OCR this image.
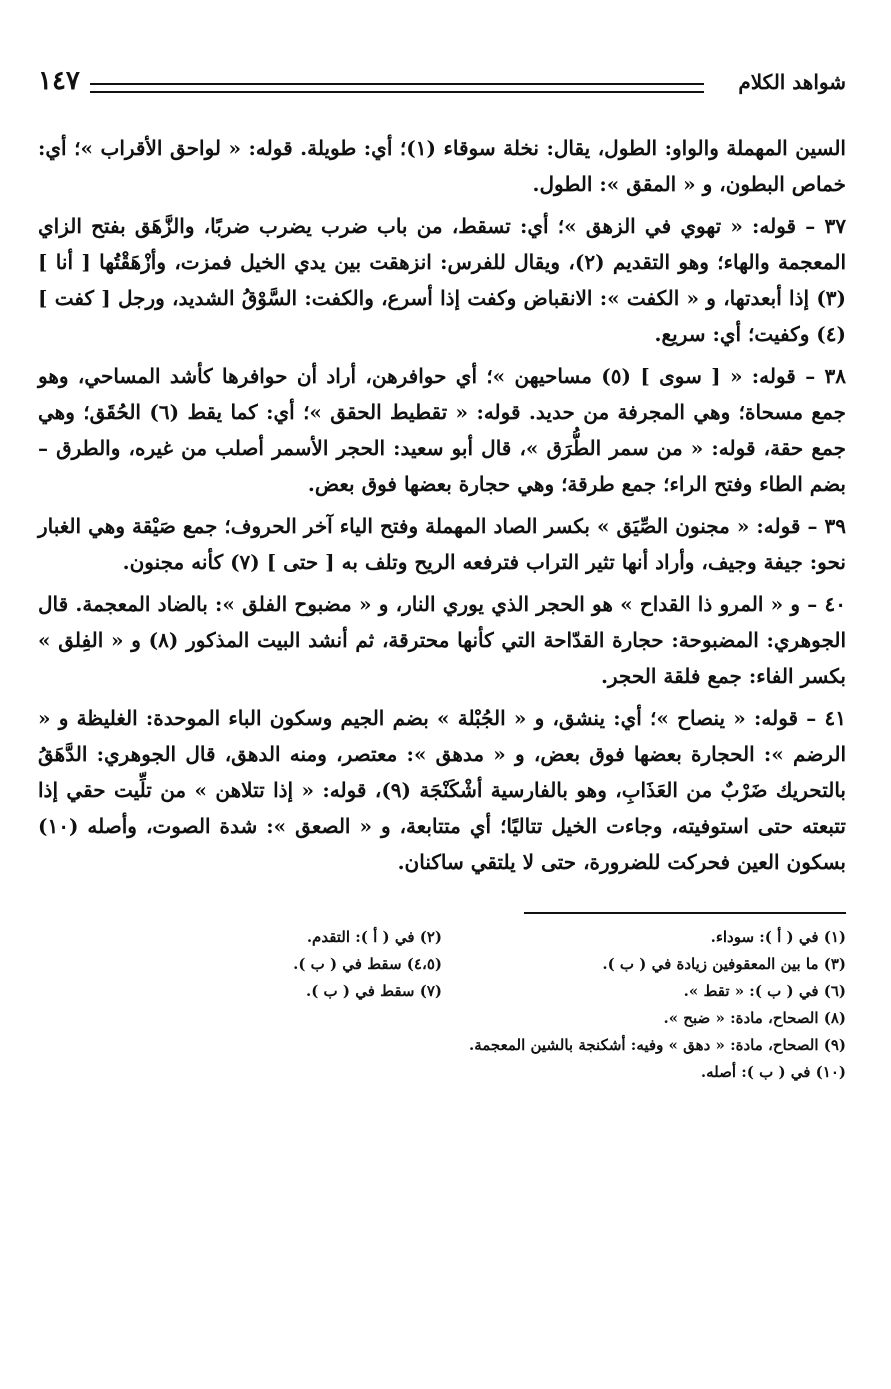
شواهد الكلام
١٤٧

السين المهملة والواو: الطول، يقال: نخلة سوقاء (١)؛ أي: طويلة. قوله: « لواحق الأقراب »؛ أي: خماص البطون، و « المقق »: الطول.

٣٧ – قوله: « تهوي في الزهق »؛ أي: تسقط، من باب ضرب يضرب ضربًا، والزَّهَق بفتح الزاي المعجمة والهاء؛ وهو التقديم (٢)، ويقال للفرس: انزهقت بين يدي الخيل فمزت، وأزْهَقْتُها [ أنا ] (٣) إذا أبعدتها، و « الكفت »: الانقباض وكفت إذا أسرع، والكفت: السَّوْقُ الشديد، ورجل [ كفت ] (٤) وكفيت؛ أي: سريع.

٣٨ – قوله: « [ سوى ] (٥) مساحيهن »؛ أي حوافرهن، أراد أن حوافرها كأشد المساحي، وهو جمع مسحاة؛ وهي المجرفة من حديد. قوله: « تقطيط الحقق »؛ أي: كما يقط (٦) الحُقَق؛ وهي جمع حقة، قوله: « من سمر الطُّرَق »، قال أبو سعيد: الحجر الأسمر أصلب من غيره، والطرق – بضم الطاء وفتح الراء؛ جمع طرقة؛ وهي حجارة بعضها فوق بعض.

٣٩ – قوله: « مجنون الصِّيَق » بكسر الصاد المهملة وفتح الياء آخر الحروف؛ جمع صَيْقة وهي الغبار نحو: جيفة وجيف، وأراد أنها تثير التراب فترفعه الريح وتلف به [ حتى ] (٧) كأنه مجنون.

٤٠ – و « المرو ذا القداح » هو الحجر الذي يوري النار، و « مضبوح الفلق »: بالضاد المعجمة. قال الجوهري: المضبوحة: حجارة القدّاحة التي كأنها محترقة، ثم أنشد البيت المذكور (٨) و « الفِلق » بكسر الفاء: جمع فلقة الحجر.

٤١ – قوله: « ينصاح »؛ أي: ينشق، و « الجُبْلة » بضم الجيم وسكون الباء الموحدة: الغليظة و « الرضم »: الحجارة بعضها فوق بعض، و « مدهق »: معتصر، ومنه الدهق، قال الجوهري: الدَّهَقُ بالتحريك ضَرْبٌ من العَذَابِ، وهو بالفارسية أشْكَنْجَة (٩)، قوله: « إذا تتلاهن » من تلِّيت حقي إذا تتبعته حتى استوفيته، وجاءت الخيل تتاليًا؛ أي متتابعة، و « الصعق »: شدة الصوت، وأصله (١٠) بسكون العين فحركت للضرورة، حتى لا يلتقي ساكنان.

(١) في ( أ ): سوداء.
(٢) في ( أ ): التقدم.
(٣) ما بين المعقوفين زيادة في ( ب ).
(٤،٥) سقط في ( ب ).
(٦) في ( ب ): « تقط ».
(٧) سقط في ( ب ).
(٨) الصحاح، مادة: « ضبح ».
(٩) الصحاح، مادة: « دهق » وفيه: أشكنجة بالشين المعجمة.
(١٠) في ( ب ): أصله.
